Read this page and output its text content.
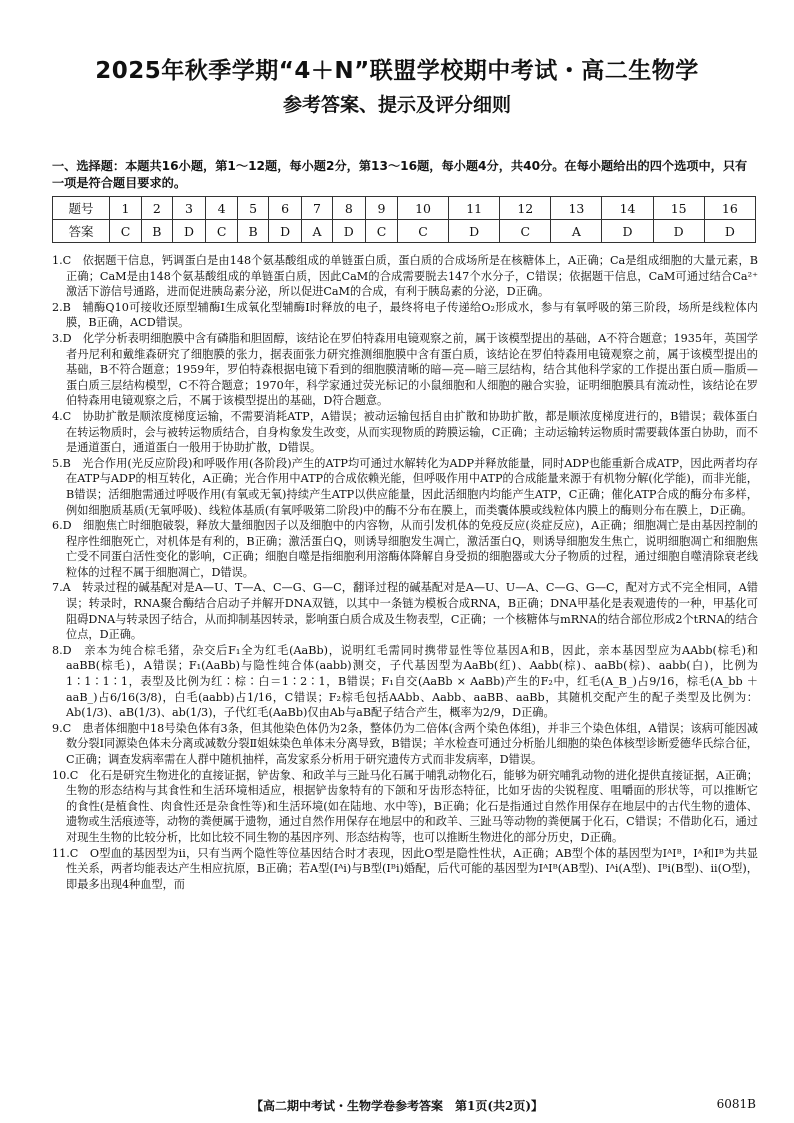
2025年秋季学期“4＋N”联盟学校期中考试・高二生物学
参考答案、提示及评分细则
一、选择题：本题共16小题，第1～12题，每小题2分，第13～16题，每小题4分，共40分。在每小题给出的四个选项中，只有一项是符合题目要求的。
题号	1	2	3	4	5	6	7	8	9	10	11	12	13	14	15	16
答案	C	B	D	C	B	D	A	D	C	C	D	C	A	D	D	D

1.C　依据题干信息，钙调蛋白是由148个氨基酸组成的单链蛋白质，蛋白质的合成场所是在核糖体上，A正确；Ca是组成细胞的大量元素，B正确；CaM是由148个氨基酸组成的单链蛋白质，因此CaM的合成需要脱去147个水分子，C错误；依据题干信息，CaM可通过结合Ca²⁺激活下游信号通路，进而促进胰岛素分泌，所以促进CaM的合成，有利于胰岛素的分泌，D正确。

2.B　辅酶Q10可接收还原型辅酶Ⅰ生成氧化型辅酶Ⅰ时释放的电子，最终将电子传递给O₂形成水，参与有氧呼吸的第三阶段，场所是线粒体内膜，B正确，ACD错误。

3.D　化学分析表明细胞膜中含有磷脂和胆固醇，该结论在罗伯特森用电镜观察之前，属于该模型提出的基础，A不符合题意；1935年，英国学者丹尼利和戴维森研究了细胞膜的张力，据表面张力研究推测细胞膜中含有蛋白质，该结论在罗伯特森用电镜观察之前，属于该模型提出的基础，B不符合题意；1959年，罗伯特森根据电镜下看到的细胞膜清晰的暗—亮—暗三层结构，结合其他科学家的工作提出蛋白质—脂质—蛋白质三层结构模型，C不符合题意；1970年，科学家通过荧光标记的小鼠细胞和人细胞的融合实验，证明细胞膜具有流动性，该结论在罗伯特森用电镜观察之后，不属于该模型提出的基础，D符合题意。

4.C　协助扩散是顺浓度梯度运输，不需要消耗ATP，A错误；被动运输包括自由扩散和协助扩散，都是顺浓度梯度进行的，B错误；载体蛋白在转运物质时，会与被转运物质结合，自身构象发生改变，从而实现物质的跨膜运输，C正确；主动运输转运物质时需要载体蛋白协助，而不是通道蛋白，通道蛋白一般用于协助扩散，D错误。

5.B　光合作用(光反应阶段)和呼吸作用(各阶段)产生的ATP均可通过水解转化为ADP并释放能量，同时ADP也能重新合成ATP，因此两者均存在ATP与ADP的相互转化，A正确；光合作用中ATP的合成依赖光能，但呼吸作用中ATP的合成能量来源于有机物分解(化学能)，而非光能，B错误；活细胞需通过呼吸作用(有氧或无氧)持续产生ATP以供应能量，因此活细胞内均能产生ATP，C正确；催化ATP合成的酶分布多样，例如细胞质基质(无氧呼吸)、线粒体基质(有氧呼吸第二阶段)中的酶不分布在膜上，而类囊体膜或线粒体内膜上的酶则分布在膜上，D正确。

6.D　细胞焦亡时细胞破裂，释放大量细胞因子以及细胞中的内容物，从而引发机体的免疫反应(炎症反应)，A正确；细胞凋亡是由基因控制的程序性细胞死亡，对机体是有利的，B正确；激活蛋白Q，则诱导细胞发生凋亡，激活蛋白Q，则诱导细胞发生焦亡，说明细胞凋亡和细胞焦亡受不同蛋白活性变化的影响，C正确；细胞自噬是指细胞利用溶酶体降解自身受损的细胞器或大分子物质的过程，通过细胞自噬清除衰老线粒体的过程不属于细胞凋亡，D错误。

7.A　转录过程的碱基配对是A—U、T—A、C—G、G—C，翻译过程的碱基配对是A—U、U—A、C—G、G—C，配对方式不完全相同，A错误；转录时，RNA聚合酶结合启动子并解开DNA双链，以其中一条链为模板合成RNA，B正确；DNA甲基化是表观遗传的一种，甲基化可阻碍DNA与转录因子结合，从而抑制基因转录，影响蛋白质合成及生物表型，C正确；一个核糖体与mRNA的结合部位形成2个tRNA的结合位点，D正确。

8.D　亲本为纯合棕毛猪，杂交后F₁全为红毛(AaBb)，说明红毛需同时携带显性等位基因A和B，因此，亲本基因型应为AAbb(棕毛)和aaBB(棕毛)，A错误；F₁(AaBb)与隐性纯合体(aabb)测交，子代基因型为AaBb(红)、Aabb(棕)、aaBb(棕)、aabb(白)，比例为1∶1∶1∶1，表型及比例为红∶棕∶白＝1∶2∶1，B错误；F₁自交(AaBb × AaBb)产生的F₂中，红毛(A_B_)占9/16，棕毛(A_bb ＋ aaB_)占6/16(3/8)，白毛(aabb)占1/16，C错误；F₂棕毛包括AAbb、Aabb、aaBB、aaBb，其随机交配产生的配子类型及比例为：Ab(1/3)、aB(1/3)、ab(1/3)，子代红毛(AaBb)仅由Ab与aB配子结合产生，概率为2/9，D正确。

9.C　患者体细胞中18号染色体有3条，但其他染色体仍为2条，整体仍为二倍体(含两个染色体组)，并非三个染色体组，A错误；该病可能因减数分裂Ⅰ同源染色体未分离或减数分裂Ⅱ姐妹染色单体未分离导致，B错误；羊水检查可通过分析胎儿细胞的染色体核型诊断爱德华氏综合征，C正确；调查发病率需在人群中随机抽样，高发家系分析用于研究遗传方式而非发病率，D错误。

10.C　化石是研究生物进化的直接证据，铲齿象、和政羊与三趾马化石属于哺乳动物化石，能够为研究哺乳动物的进化提供直接证据，A正确；生物的形态结构与其食性和生活环境相适应，根据铲齿象特有的下颌和牙齿形态特征，比如牙齿的尖锐程度、咀嚼面的形状等，可以推断它的食性(是植食性、肉食性还是杂食性等)和生活环境(如在陆地、水中等)，B正确；化石是指通过自然作用保存在地层中的古代生物的遗体、遗物或生活痕迹等，动物的粪便属于遗物，通过自然作用保存在地层中的和政羊、三趾马等动物的粪便属于化石，C错误；不借助化石，通过对现生生物的比较分析，比如比较不同生物的基因序列、形态结构等，也可以推断生物进化的部分历史，D正确。

11.C　O型血的基因型为ii，只有当两个隐性等位基因结合时才表现，因此O型是隐性性状，A正确；AB型个体的基因型为IᴬIᴮ，Iᴬ和Iᴮ为共显性关系，两者均能表达产生相应抗原，B正确；若A型(Iᴬi)与B型(Iᴮi)婚配，后代可能的基因型为IᴬIᴮ(AB型)、Iᴬi(A型)、Iᴮi(B型)、ii(O型)，即最多出现4种血型，而

【高二期中考试・生物学卷参考答案　第1页(共2页)】	6081B
